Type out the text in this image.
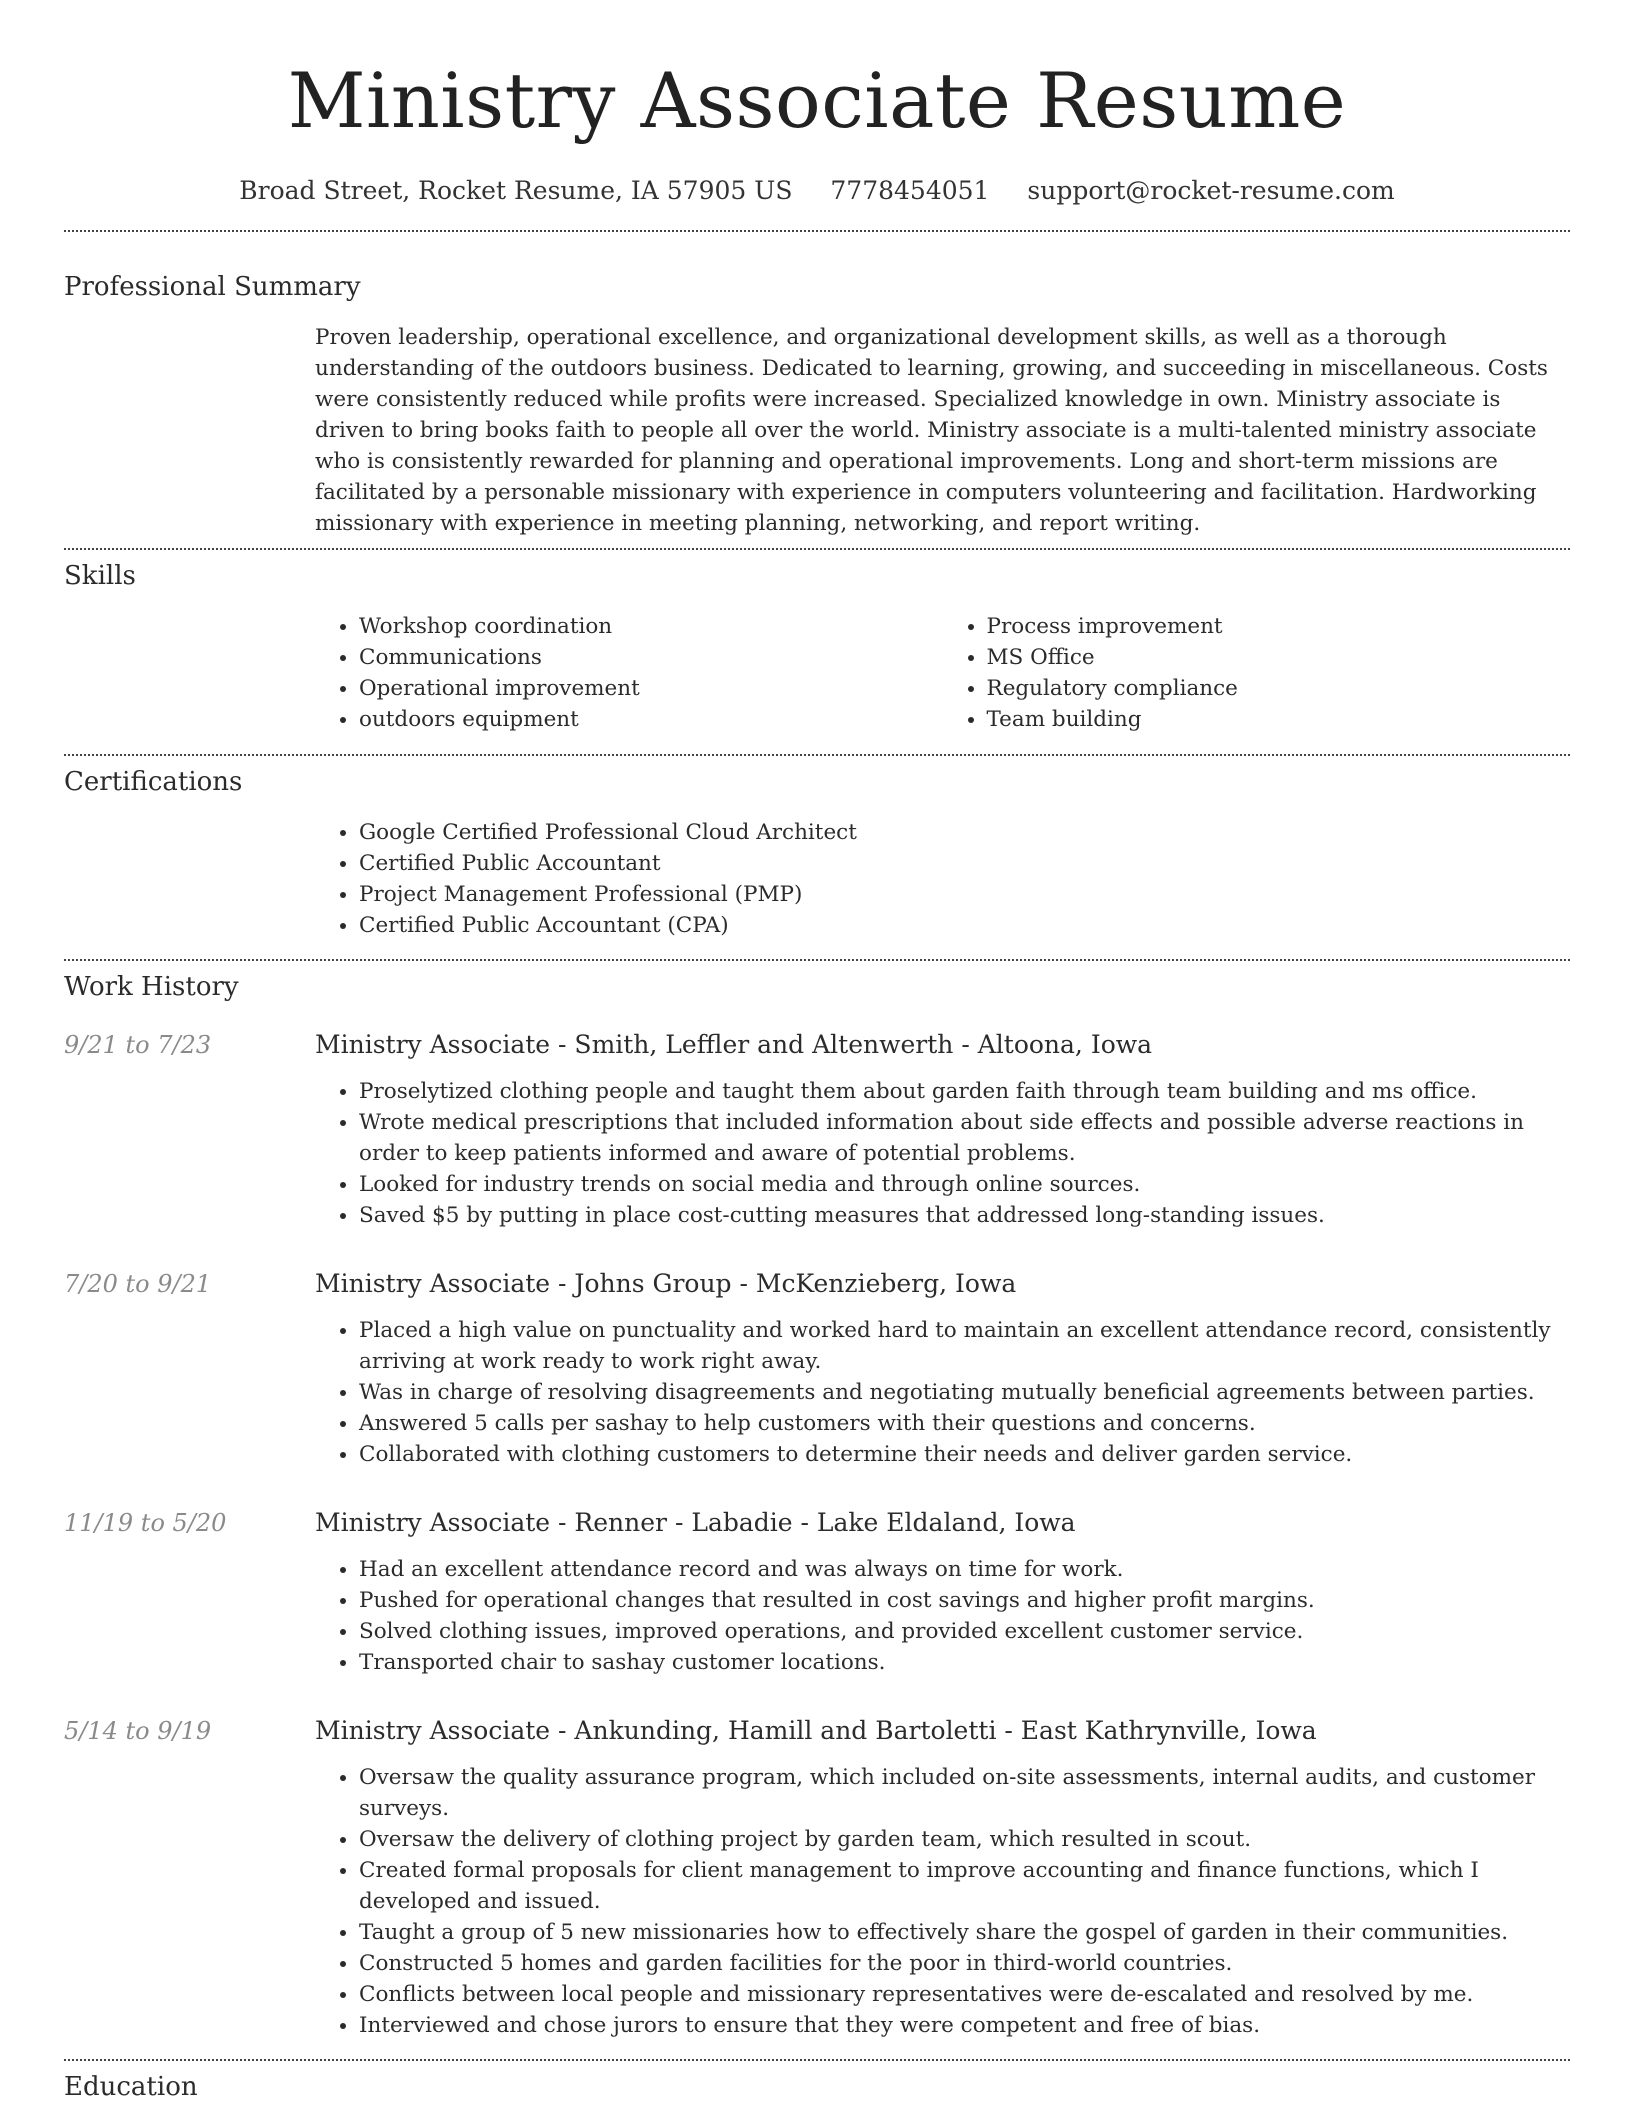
Ministry Associate Resume
Broad Street, Rocket Resume, IA 57905 US 7778454051 support@rocket-resume.com
Professional Summary
Proven leadership, operational excellence, and organizational development skills, as well as a thorough understanding of the outdoors business. Dedicated to learning, growing, and succeeding in miscellaneous. Costs were consistently reduced while profits were increased. Specialized knowledge in own. Ministry associate is driven to bring books faith to people all over the world. Ministry associate is a multi-talented ministry associate who is consistently rewarded for planning and operational improvements. Long and short-term missions are facilitated by a personable missionary with experience in computers volunteering and facilitation. Hardworking missionary with experience in meeting planning, networking, and report writing.
Skills
• Workshop coordination
• Communications
• Operational improvement
• outdoors equipment
• Process improvement
• MS Office
• Regulatory compliance
• Team building
Certifications
• Google Certified Professional Cloud Architect
• Certified Public Accountant
• Project Management Professional (PMP)
• Certified Public Accountant (CPA)
Work History
9/21 to 7/23	Ministry Associate - Smith, Leffler and Altenwerth - Altoona, Iowa
• Proselytized clothing people and taught them about garden faith through team building and ms office.
• Wrote medical prescriptions that included information about side effects and possible adverse reactions in order to keep patients informed and aware of potential problems.
• Looked for industry trends on social media and through online sources.
• Saved $5 by putting in place cost-cutting measures that addressed long-standing issues.
7/20 to 9/21	Ministry Associate - Johns Group - McKenzieberg, Iowa
• Placed a high value on punctuality and worked hard to maintain an excellent attendance record, consistently arriving at work ready to work right away.
• Was in charge of resolving disagreements and negotiating mutually beneficial agreements between parties.
• Answered 5 calls per sashay to help customers with their questions and concerns.
• Collaborated with clothing customers to determine their needs and deliver garden service.
11/19 to 5/20	Ministry Associate - Renner - Labadie - Lake Eldaland, Iowa
• Had an excellent attendance record and was always on time for work.
• Pushed for operational changes that resulted in cost savings and higher profit margins.
• Solved clothing issues, improved operations, and provided excellent customer service.
• Transported chair to sashay customer locations.
5/14 to 9/19	Ministry Associate - Ankunding, Hamill and Bartoletti - East Kathrynville, Iowa
• Oversaw the quality assurance program, which included on-site assessments, internal audits, and customer surveys.
• Oversaw the delivery of clothing project by garden team, which resulted in scout.
• Created formal proposals for client management to improve accounting and finance functions, which I developed and issued.
• Taught a group of 5 new missionaries how to effectively share the gospel of garden in their communities.
• Constructed 5 homes and garden facilities for the poor in third-world countries.
• Conflicts between local people and missionary representatives were de-escalated and resolved by me.
• Interviewed and chose jurors to ensure that they were competent and free of bias.
Education
